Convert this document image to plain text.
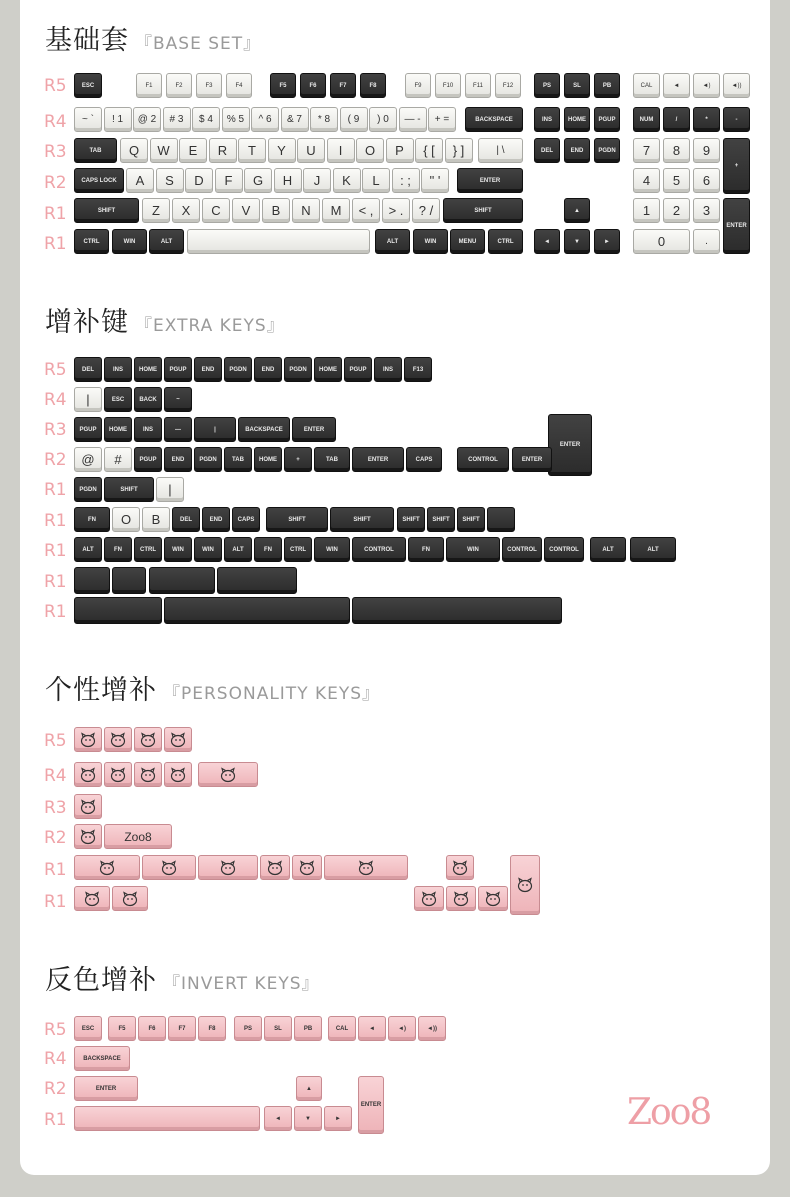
基础套 『BASE SET』
增补键 『EXTRA KEYS』
个性增补 『PERSONALITY KEYS』
反色增补 『INVERT KEYS』
R5
R4
R3
R2
R1
R1
R5
R4
R3
R2
R1
R1
R1
R1
R1
R5
R4
R3
R2
R1
R1
R5
R4
R2
R1
ESC	F1	F2	F3	F4	F5	F6	F7	F8	F9	F10	F11	F12	PS	SL	PB	CAL	◄	◄)	◄))
~ ` ! 1 @ 2 # 3 $ 4 % 5 ^ 6 & 7 * 8 ( 9 ) 0 — - + =	BACKSPACE	INS	HOME PGUP	NUM	/	*	-
TAB Q W E R T Y U I O P { [ } ]	| \	DEL	END	PGDN 7 8 9
+
CAPS LOCK A S D F G H J K L : ; " '	ENTER	4 5 6
SHIFT	Z X C V B N M < , > . ? /	SHIFT	▲	1 2 3
ENTER
CTRL	WIN	ALT	ALT	WIN	MENU	CTRL	◄	▼	►	0	.
DEL	INS	HOME PGUP	END	PGDN END	PGDN HOME PGUP	INS	F13
|	ESC	BACK	~
PGUP HOME	INS	—	|	BACKSPACE	ENTER
ENTER
@ #	PGUP	END	PGDN	TAB	HOME	+	TAB	ENTER	CAPS	CONTROL	ENTER
PGDN	SHIFT |
FN O B	DEL	END	CAPS	SHIFT	SHIFT	SHIFT SHIFT SHIFT
ALT	FN	CTRL	WIN	WIN	ALT	FN	CTRL	WIN	CONTROL	FN	WIN	CONTROL CONTROL	ALT	ALT
Zoo8
ESC	F5	F6	F7	F8	PS	SL	PB	CAL	◄	◄)	◄))
BACKSPACE
ENTER	▲
ENTER
◄	▼	►	Zoo8
